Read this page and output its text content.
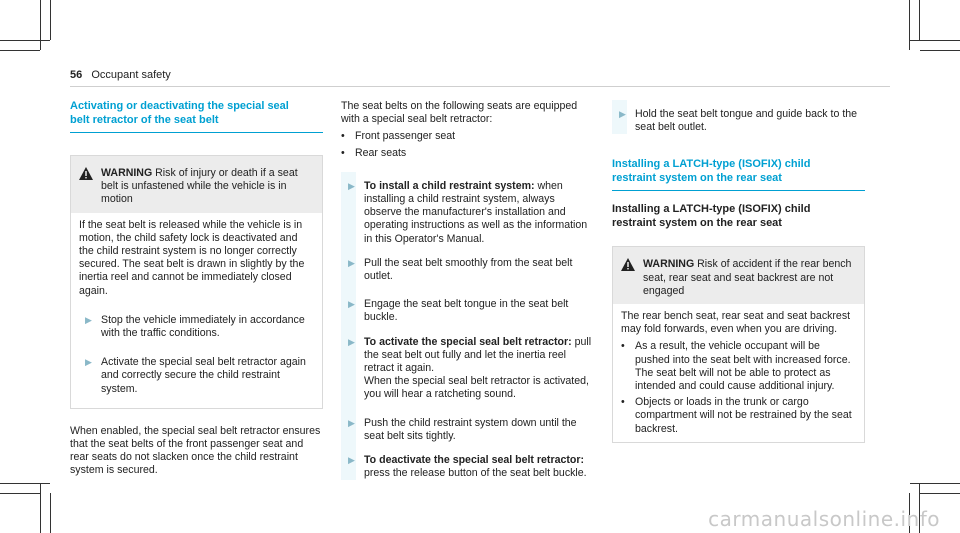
56 Occupant safety
Activating or deactivating the special seal
belt retractor of the seat belt
WARNING Risk of injury or death if a seat belt is unfastened while the vehicle is in motion
If the seat belt is released while the vehicle is in motion, the child safety lock is deactivated and the child restraint system is no longer correctly secured. The seat belt is drawn in slightly by the inertia reel and cannot be immediately closed again.
▶ Stop the vehicle immediately in accordance with the traffic conditions.
▶ Activate the special seal belt retractor again and correctly secure the child restraint system.
When enabled, the special seal belt retractor ensures that the seat belts of the front passenger seat and rear seats do not slacken once the child restraint system is secured.
The seat belts on the following seats are equipped with a special seal belt retractor:
• Front passenger seat
• Rear seats
▶ To install a child restraint system: when installing a child restraint system, always observe the manufacturer's installation and operating instructions as well as the information in this Operator's Manual.
▶ Pull the seat belt smoothly from the seat belt outlet.
▶ Engage the seat belt tongue in the seat belt buckle.
▶ To activate the special seal belt retractor: pull the seat belt out fully and let the inertia reel retract it again.
When the special seal belt retractor is activated, you will hear a ratcheting sound.
▶ Push the child restraint system down until the seat belt sits tightly.
▶ To deactivate the special seal belt retractor: press the release button of the seat belt buckle.
▶ Hold the seat belt tongue and guide back to the seat belt outlet.
Installing a LATCH-type (ISOFIX) child
restraint system on the rear seat
Installing a LATCH-type (ISOFIX) child
restraint system on the rear seat
WARNING Risk of accident if the rear bench seat, rear seat and seat backrest are not engaged
The rear bench seat, rear seat and seat backrest may fold forwards, even when you are driving.
• As a result, the vehicle occupant will be pushed into the seat belt with increased force. The seat belt will not be able to protect as intended and could cause additional injury.
• Objects or loads in the trunk or cargo compartment will not be restrained by the seat backrest.
carmanualsonline.info
